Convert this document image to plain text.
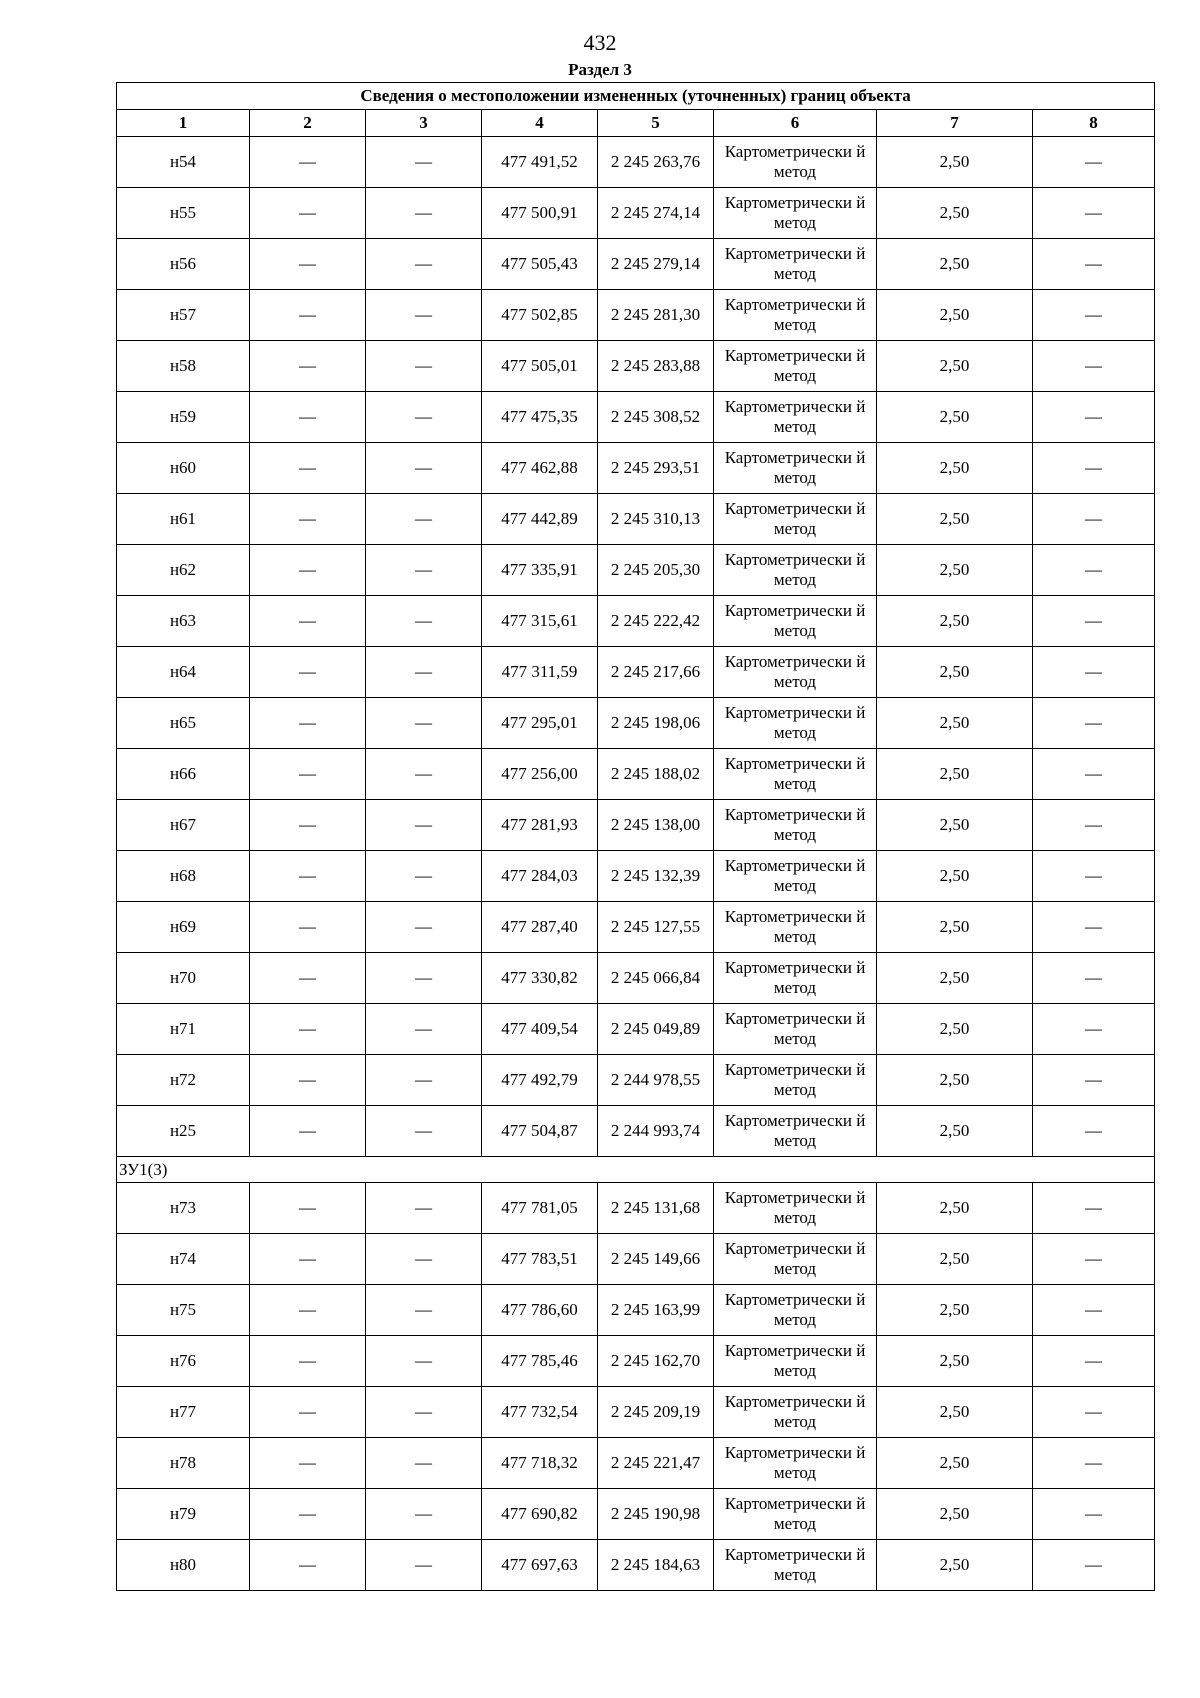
432
Раздел 3
Сведения о местоположении измененных (уточненных) границ объекта							
1	2	3	4	5	6	7	8
н54	—	—	477 491,52	2 245 263,76	Картометрически й метод	2,50	—
н55	—	—	477 500,91	2 245 274,14	Картометрически й метод	2,50	—
н56	—	—	477 505,43	2 245 279,14	Картометрически й метод	2,50	—
н57	—	—	477 502,85	2 245 281,30	Картометрически й метод	2,50	—
н58	—	—	477 505,01	2 245 283,88	Картометрически й метод	2,50	—
н59	—	—	477 475,35	2 245 308,52	Картометрически й метод	2,50	—
н60	—	—	477 462,88	2 245 293,51	Картометрически й метод	2,50	—
н61	—	—	477 442,89	2 245 310,13	Картометрически й метод	2,50	—
н62	—	—	477 335,91	2 245 205,30	Картометрически й метод	2,50	—
н63	—	—	477 315,61	2 245 222,42	Картометрически й метод	2,50	—
н64	—	—	477 311,59	2 245 217,66	Картометрически й метод	2,50	—
н65	—	—	477 295,01	2 245 198,06	Картометрически й метод	2,50	—
н66	—	—	477 256,00	2 245 188,02	Картометрически й метод	2,50	—
н67	—	—	477 281,93	2 245 138,00	Картометрически й метод	2,50	—
н68	—	—	477 284,03	2 245 132,39	Картометрически й метод	2,50	—
н69	—	—	477 287,40	2 245 127,55	Картометрически й метод	2,50	—
н70	—	—	477 330,82	2 245 066,84	Картометрически й метод	2,50	—
н71	—	—	477 409,54	2 245 049,89	Картометрически й метод	2,50	—
н72	—	—	477 492,79	2 244 978,55	Картометрически й метод	2,50	—
н25	—	—	477 504,87	2 244 993,74	Картометрически й метод	2,50	—
ЗУ1(3)							
н73	—	—	477 781,05	2 245 131,68	Картометрически й метод	2,50	—
н74	—	—	477 783,51	2 245 149,66	Картометрически й метод	2,50	—
н75	—	—	477 786,60	2 245 163,99	Картометрически й метод	2,50	—
н76	—	—	477 785,46	2 245 162,70	Картометрически й метод	2,50	—
н77	—	—	477 732,54	2 245 209,19	Картометрически й метод	2,50	—
н78	—	—	477 718,32	2 245 221,47	Картометрически й метод	2,50	—
н79	—	—	477 690,82	2 245 190,98	Картометрически й метод	2,50	—
н80	—	—	477 697,63	2 245 184,63	Картометрически й метод	2,50	—
